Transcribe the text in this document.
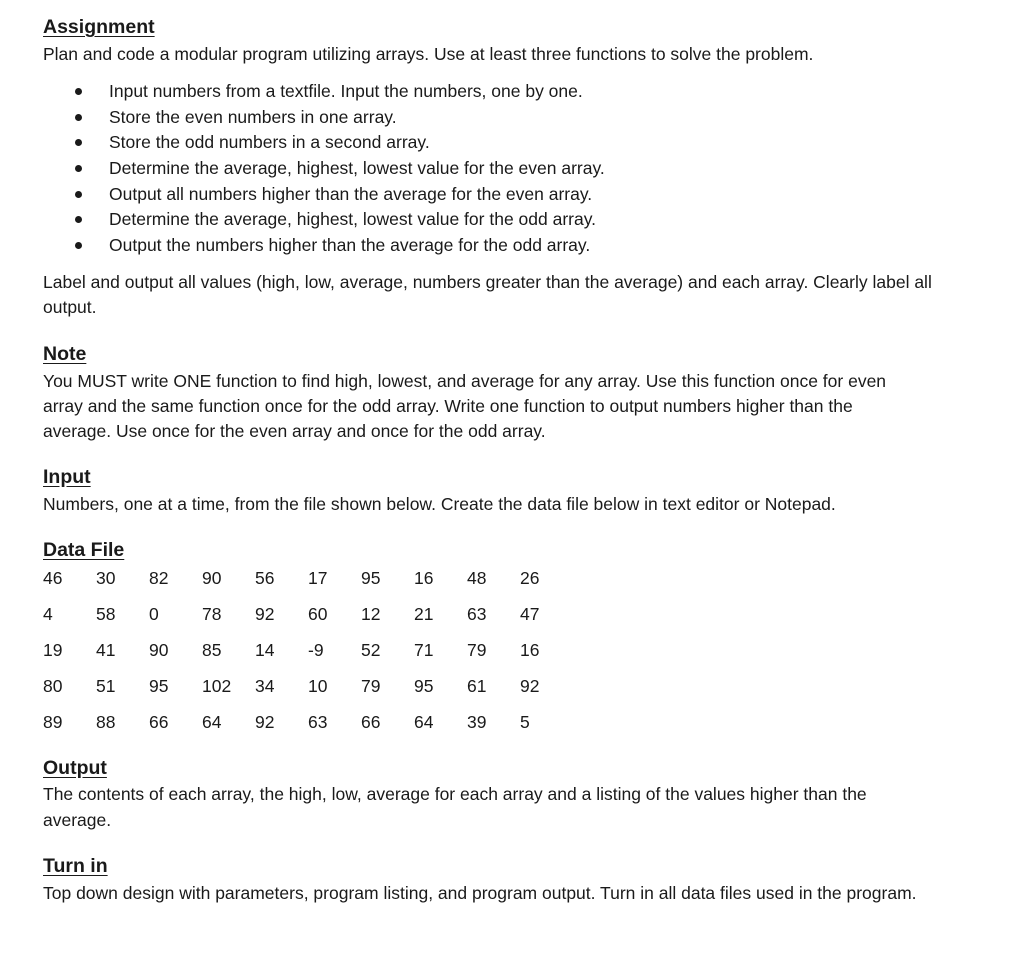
Assignment
Plan and code a modular program utilizing arrays. Use at least three functions to solve the problem.
Input numbers from a textfile. Input the numbers, one by one.
Store the even numbers in one array.
Store the odd numbers in a second array.
Determine the average, highest, lowest value for the even array.
Output all numbers higher than the average for the even array.
Determine the average, highest, lowest value for the odd array.
Output the numbers higher than the average for the odd array.
Label and output all values (high, low, average, numbers greater than the average) and each array. Clearly label all
output.
Note
You MUST write ONE function to find high, lowest, and average for any array. Use this function once for even
array and the same function once for the odd array. Write one function to output numbers higher than the
average. Use once for the even array and once for the odd array.
Input
Numbers, one at a time, from the file shown below. Create the data file below in text editor or Notepad.
Data File
46 30 82 90 56 17 95 16 48 26
4 58 0 78 92 60 12 21 63 47
19 41 90 85 14 -9 52 71 79 16
80 51 95 102 34 10 79 95 61 92
89 88 66 64 92 63 66 64 39 5
Output
The contents of each array, the high, low, average for each array and a listing of the values higher than the
average.
Turn in
Top down design with parameters, program listing, and program output. Turn in all data files used in the program.
